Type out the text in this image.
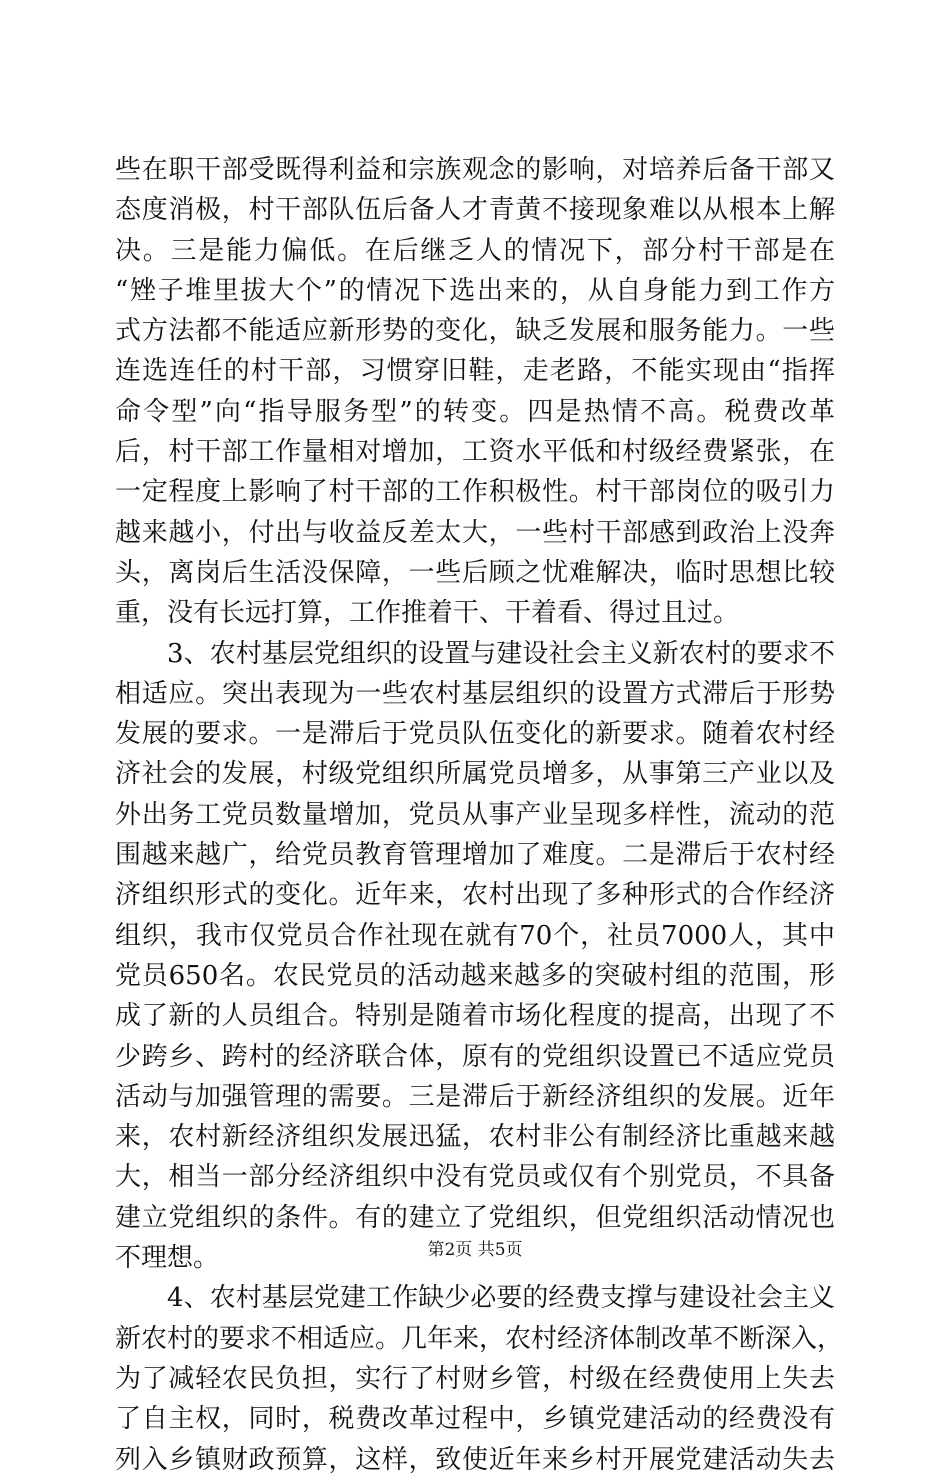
些在职干部受既得利益和宗族观念的影响，对培养后备干部又
态度消极，村干部队伍后备人才青黄不接现象难以从根本上解
决。三是能力偏低。在后继乏人的情况下，部分村干部是在
“矬子堆里拔大个”的情况下选出来的，从自身能力到工作方
式方法都不能适应新形势的变化，缺乏发展和服务能力。一些
连选连任的村干部，习惯穿旧鞋，走老路，不能实现由“指挥
命令型”向“指导服务型”的转变。四是热情不高。税费改革
后，村干部工作量相对增加，工资水平低和村级经费紧张，在
一定程度上影响了村干部的工作积极性。村干部岗位的吸引力
越来越小，付出与收益反差太大，一些村干部感到政治上没奔
头，离岗后生活没保障，一些后顾之忧难解决，临时思想比较
重，没有长远打算，工作推着干、干着看、得过且过。
3、农村基层党组织的设置与建设社会主义新农村的要求不
相适应。突出表现为一些农村基层组织的设置方式滞后于形势
发展的要求。一是滞后于党员队伍变化的新要求。随着农村经
济社会的发展，村级党组织所属党员增多，从事第三产业以及
外出务工党员数量增加，党员从事产业呈现多样性，流动的范
围越来越广，给党员教育管理增加了难度。二是滞后于农村经
济组织形式的变化。近年来，农村出现了多种形式的合作经济
组织，我市仅党员合作社现在就有70个，社员7000人，其中
党员650名。农民党员的活动越来越多的突破村组的范围，形
成了新的人员组合。特别是随着市场化程度的提高，出现了不
少跨乡、跨村的经济联合体，原有的党组织设置已不适应党员
活动与加强管理的需要。三是滞后于新经济组织的发展。近年
来，农村新经济组织发展迅猛，农村非公有制经济比重越来越
大，相当一部分经济组织中没有党员或仅有个别党员，不具备
建立党组织的条件。有的建立了党组织，但党组织活动情况也
不理想。
4、农村基层党建工作缺少必要的经费支撑与建设社会主义
新农村的要求不相适应。几年来，农村经济体制改革不断深入，
为了减轻农民负担，实行了村财乡管，村级在经费使用上失去
了自主权，同时，税费改革过程中，乡镇党建活动的经费没有
列入乡镇财政预算，这样，致使近年来乡村开展党建活动失去
第2页 共5页
